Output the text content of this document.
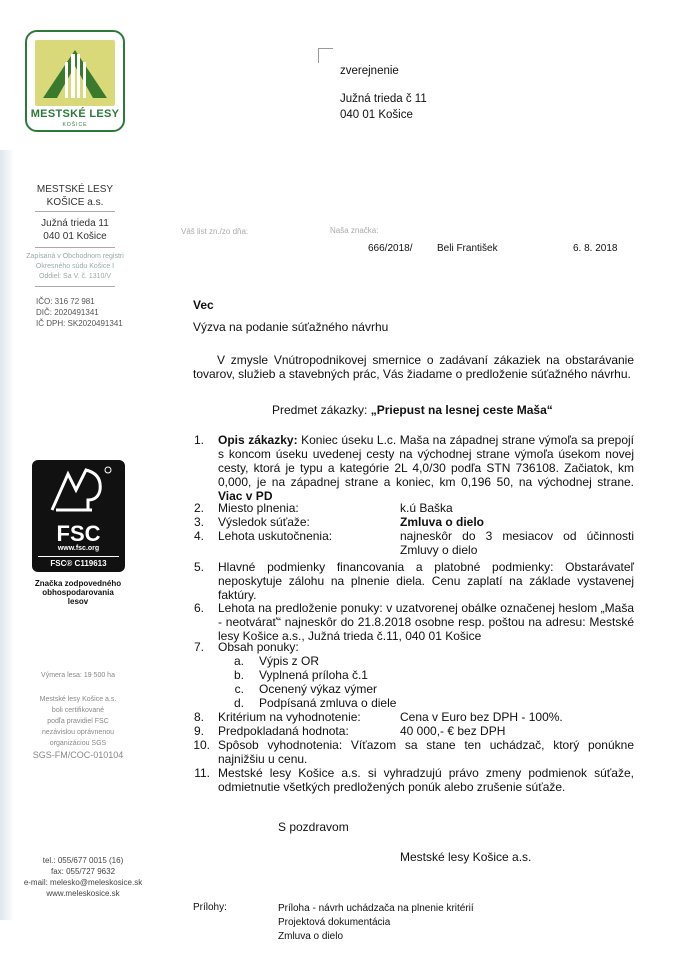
MESTSKÉ LESY
KOŠICE
MESTSKÉ LESY
KOŠICE a.s.
Južná trieda 11
040 01 Košice
Zapísaná v Obchodnom registri
Okresného súdu Košice I
Oddiel: Sa V. č. 1310/V
IČO: 316 72 981
DIČ: 2020491341
IČ DPH: SK2020491341
FSC
www.fsc.org
FSC® C119613
Značka zodpovedného
obhospodarovania
lesov
Výmera lesa: 19 500 ha
Mestské lesy Košice a.s.
boli certifikované
podľa pravidiel FSC
nezávislou oprávnenou
organizáciou SGS
SGS-FM/COC-010104
tel.: 055/677 0015 (16)
fax: 055/727 9632
e-mail: melesko@meleskosice.sk
www.meleskosice.sk
zverejnenie
Južná trieda č 11
040 01 Košice
Váš list zn./zo dňa:	Naša značka:
666/2018/ Beli František	6. 8. 2018
Vec
Výzva na podanie súťažného návrhu
V zmysle Vnútropodnikovej smernice o zadávaní zákaziek na obstarávanie tovarov, služieb a stavebných prác, Vás žiadame o predloženie súťažného návrhu.
Predmet zákazky: „Priepust na lesnej ceste Maša“
1. Opis zákazky: Koniec úseku L.c. Maša na západnej strane výmoľa sa prepojí s koncom úseku uvedenej cesty na východnej strane výmoľa úsekom novej cesty, ktorá je typu a kategórie 2L 4,0/30 podľa STN 736108. Začiatok, km 0,000, je na západnej strane a koniec, km 0,196 50, na východnej strane. Viac v PD
2. Miesto plnenia:	k.ú Baška
3. Výsledok súťaže:	Zmluva o dielo
4. Lehota uskutočnenia:	najneskôr do 3 mesiacov od účinnosti
Zmluvy o dielo
5. Hlavné podmienky financovania a platobné podmienky: Obstarávateľ neposkytuje zálohu na plnenie diela. Cenu zaplatí na základe vystavenej faktúry.
6. Lehota na predloženie ponuky: v uzatvorenej obálke označenej heslom „Maša - neotvárať“ najneskôr do 21.8.2018 osobne resp. poštou na adresu: Mestské lesy Košice a.s., Južná trieda č.11, 040 01 Košice
7. Obsah ponuky:
a. Výpis z OR
b. Vyplnená príloha č.1
c. Ocenený výkaz výmer
d. Podpísaná zmluva o diele
8. Kritérium na vyhodnotenie:	Cena v Euro bez DPH - 100%.
9. Predpokladaná hodnota:	40 000,- € bez DPH
10. Spôsob vyhodnotenia: Víťazom sa stane ten uchádzač, ktorý ponúkne najnižšiu u cenu.
11. Mestské lesy Košice a.s. si vyhradzujú právo zmeny podmienok súťaže, odmietnutie všetkých predložených ponúk alebo zrušenie súťaže.
S pozdravom
Mestské lesy Košice a.s.
Prílohy:	Príloha - návrh uchádzača na plnenie kritérií
Projektová dokumentácia
Zmluva o dielo
